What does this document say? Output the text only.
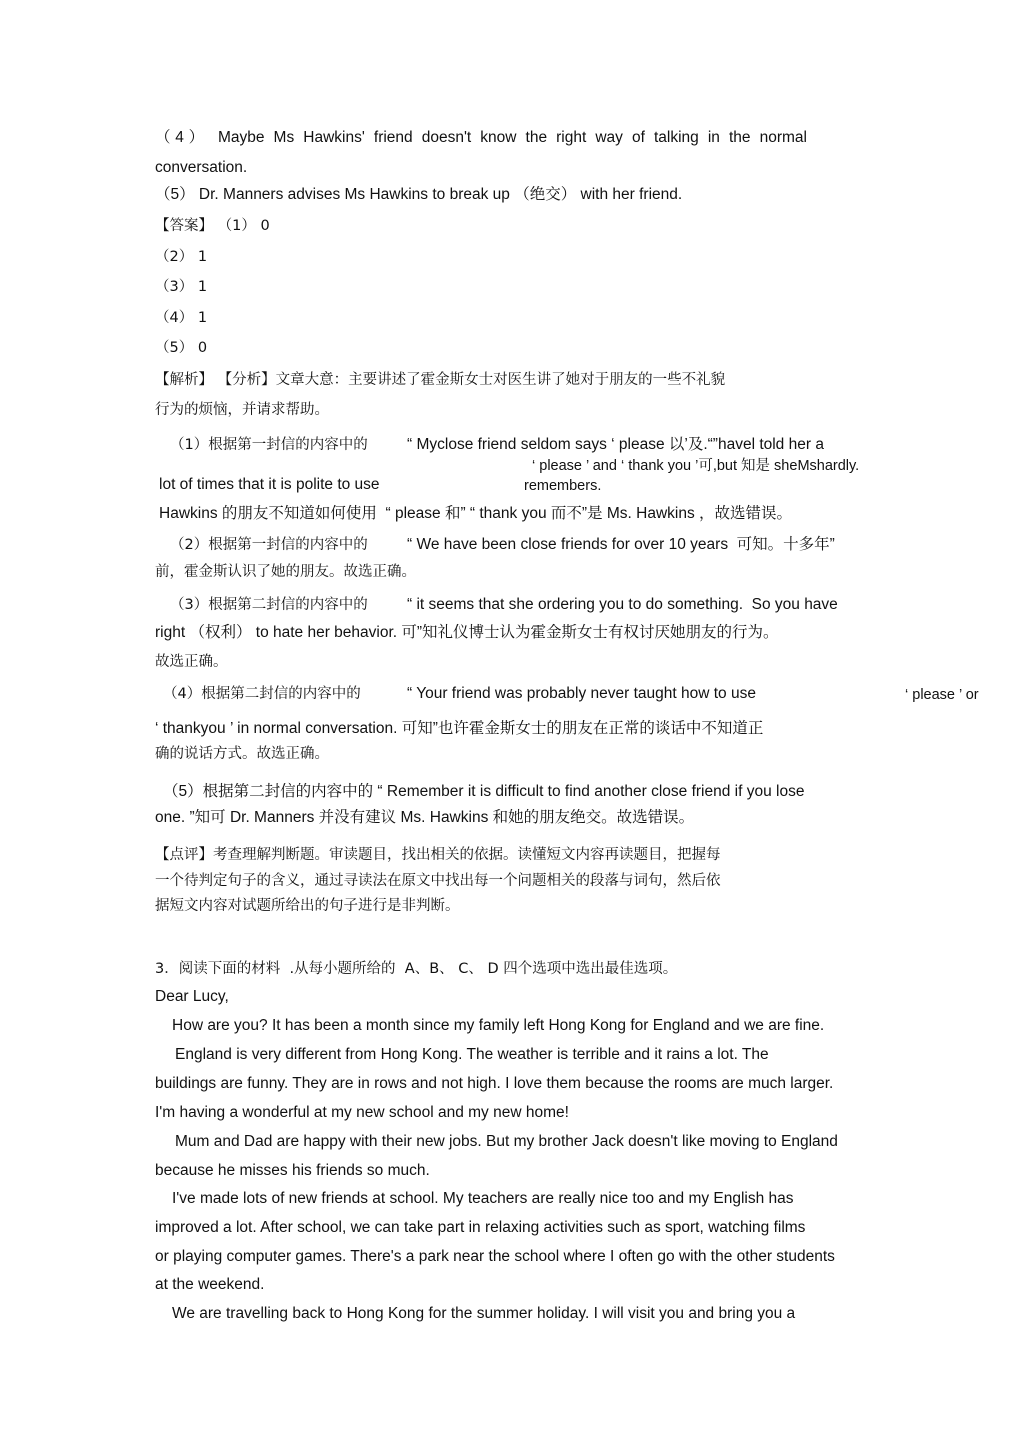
（4） Maybe Ms Hawkins' friend doesn't know the right way of talking in the normal
conversation.
（5） Dr. Manners advises Ms Hawkins to break up （绝交） with her friend.
【答案】 （1） 0
（2） 1
（3） 1
（4） 1
（5） 0
【解析】 【分析】文章大意：主要讲述了霍金斯女士对医生讲了她对于朋友的一些不礼貌
行为的烦恼，并请求帮助。
（1）根据第一封信的内容中的	“ Myclose friend seldom says ‘ please 以’及.“”havel told her a
‘ please ’ and ‘ thank you ’可,but 知是 sheMshardly.
lot of times that it is polite to use	remembers.
Hawkins 的朋友不知道如何使用  “ please 和” “ thank you 而不”是 Ms. Hawkins ，故选错误。
（2）根据第一封信的内容中的	“ We have been close friends for over 10 years  可知。十多年”
前，霍金斯认识了她的朋友。故选正确。
（3）根据第二封信的内容中的	“ it seems that she ordering you to do something.  So you have
right （权利） to hate her behavior. 可”知礼仪博士认为霍金斯女士有权讨厌她朋友的行为。
故选正确。
（4）根据第二封信的内容中的	“ Your friend was probably never taught how to use	‘ please ’ or
‘ thankyou ’ in normal conversation. 可知”也许霍金斯女士的朋友在正常的谈话中不知道正
确的说话方式。故选正确。
（5）根据第二封信的内容中的 “ Remember it is difficult to find another close friend if you lose
one. ”知可 Dr. Manners 并没有建议 Ms. Hawkins 和她的朋友绝交。故选错误。
【点评】考查理解判断题。审读题目，找出相关的依据。读懂短文内容再读题目，把握每
一个待判定句子的含义，通过寻读法在原文中找出每一个问题相关的段落与词句，然后依
据短文内容对试题所给出的句子进行是非判断。
3．阅读下面的材料  .从每小题所给的  A、B、 C、 D 四个选项中选出最佳选项。
Dear Lucy,
How are you? It has been a month since my family left Hong Kong for England and we are fine.
England is very different from Hong Kong. The weather is terrible and it rains a lot. The
buildings are funny. They are in rows and not high. I love them because the rooms are much larger.
I'm having a wonderful at my new school and my new home!
Mum and Dad are happy with their new jobs. But my brother Jack doesn't like moving to England
because he misses his friends so much.
I've made lots of new friends at school. My teachers are really nice too and my English has
improved a lot. After school, we can take part in relaxing activities such as sport, watching films
or playing computer games. There's a park near the school where I often go with the other students
at the weekend.
We are travelling back to Hong Kong for the summer holiday. I will visit you and bring you a
